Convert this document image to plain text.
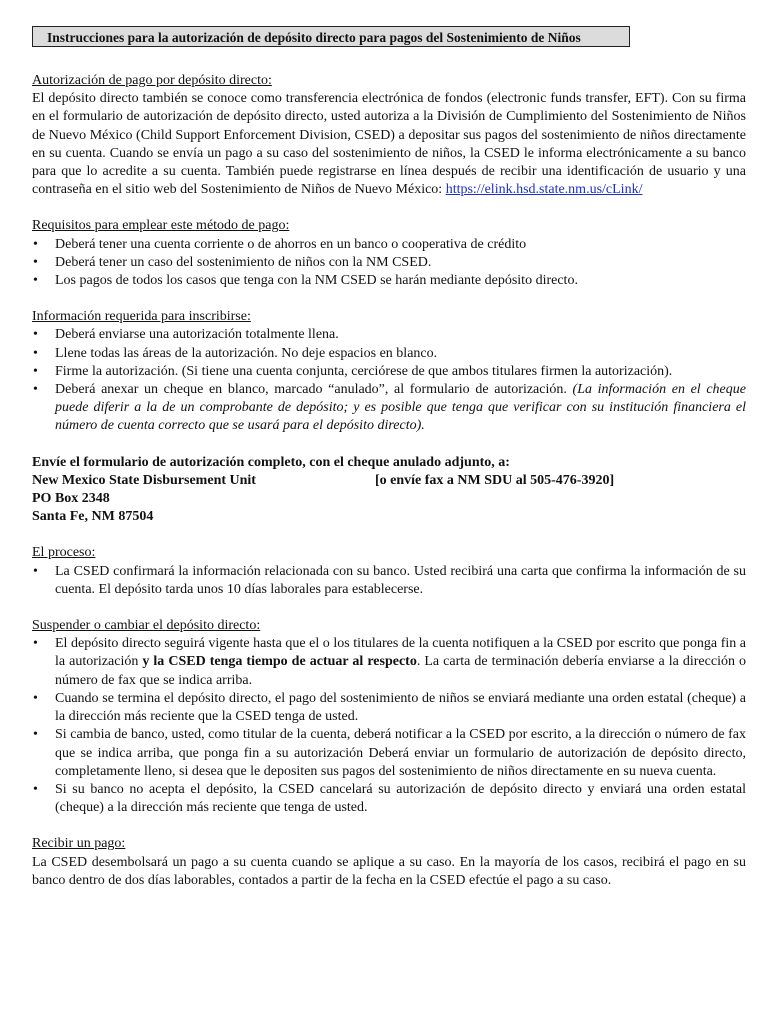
Instrucciones para la autorización de depósito directo para pagos del Sostenimiento de Niños
Autorización de pago por depósito directo:

El depósito directo también se conoce como transferencia electrónica de fondos (electronic funds transfer, EFT). Con su firma en el formulario de autorización de depósito directo, usted autoriza a la División de Cumplimiento del Sostenimiento de Niños de Nuevo México (Child Support Enforcement Division, CSED) a depositar sus pagos del sostenimiento de niños directamente en su cuenta. Cuando se envía un pago a su caso del sostenimiento de niños, la CSED le informa electrónicamente a su banco para que lo acredite a su cuenta. También puede registrarse en línea después de recibir una identificación de usuario y una contraseña en el sitio web del Sostenimiento de Niños de Nuevo México: https://elink.hsd.state.nm.us/cLink/

Requisitos para emplear este método de pago:
• Deberá tener una cuenta corriente o de ahorros en un banco o cooperativa de crédito
• Deberá tener un caso del sostenimiento de niños con la NM CSED.
• Los pagos de todos los casos que tenga con la NM CSED se harán mediante depósito directo.
Información requerida para inscribirse:
• Deberá enviarse una autorización totalmente llena.
• Llene todas las áreas de la autorización. No deje espacios en blanco.
• Firme la autorización. (Si tiene una cuenta conjunta, cerciórese de que ambos titulares firmen la autorización).
• Deberá anexar un cheque en blanco, marcado “anulado”, al formulario de autorización. (La información en el cheque puede diferir a la de un comprobante de depósito; y es posible que tenga que verificar con su institución financiera el número de cuenta correcto que se usará para el depósito directo).
Envíe el formulario de autorización completo, con el cheque anulado adjunto, a:
New Mexico State Disbursement Unit	[o envíe fax a NM SDU al 505-476-3920]
PO Box 2348
Santa Fe, NM 87504
El proceso:
• La CSED confirmará la información relacionada con su banco. Usted recibirá una carta que confirma la información de su cuenta. El depósito tarda unos 10 días laborales para establecerse.
Suspender o cambiar el depósito directo:
• El depósito directo seguirá vigente hasta que el o los titulares de la cuenta notifiquen a la CSED por escrito que ponga fin a la autorización y la CSED tenga tiempo de actuar al respecto. La carta de terminación debería enviarse a la dirección o número de fax que se indica arriba.
• Cuando se termina el depósito directo, el pago del sostenimiento de niños se enviará mediante una orden estatal (cheque) a la dirección más reciente que la CSED tenga de usted.
• Si cambia de banco, usted, como titular de la cuenta, deberá notificar a la CSED por escrito, a la dirección o número de fax que se indica arriba, que ponga fin a su autorización Deberá enviar un formulario de autorización de depósito directo, completamente lleno, si desea que le depositen sus pagos del sostenimiento de niños directamente en su nueva cuenta.
• Si su banco no acepta el depósito, la CSED cancelará su autorización de depósito directo y enviará una orden estatal (cheque) a la dirección más reciente que tenga de usted.
Recibir un pago:

La CSED desembolsará un pago a su cuenta cuando se aplique a su caso. En la mayoría de los casos, recibirá el pago en su banco dentro de dos días laborables, contados a partir de la fecha en la CSED efectúe el pago a su caso.
